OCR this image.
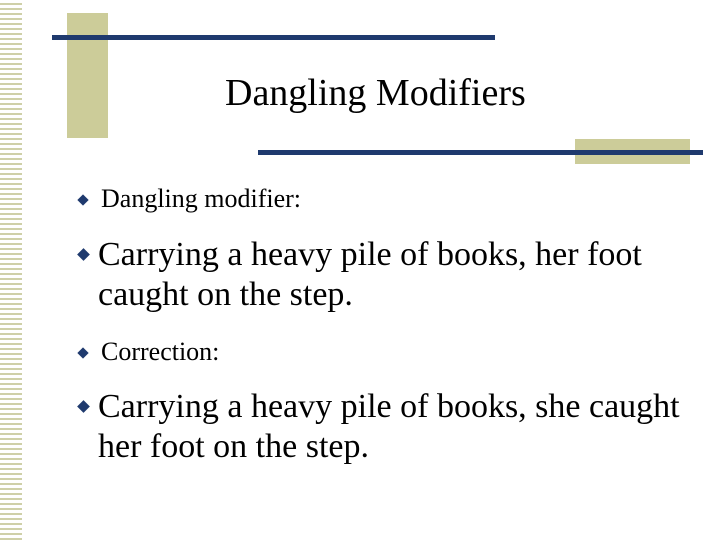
Dangling Modifiers
Dangling modifier:
Carrying a heavy pile of books, her foot caught on the step.
Correction:
Carrying a heavy pile of books, she caught her foot on the step.
